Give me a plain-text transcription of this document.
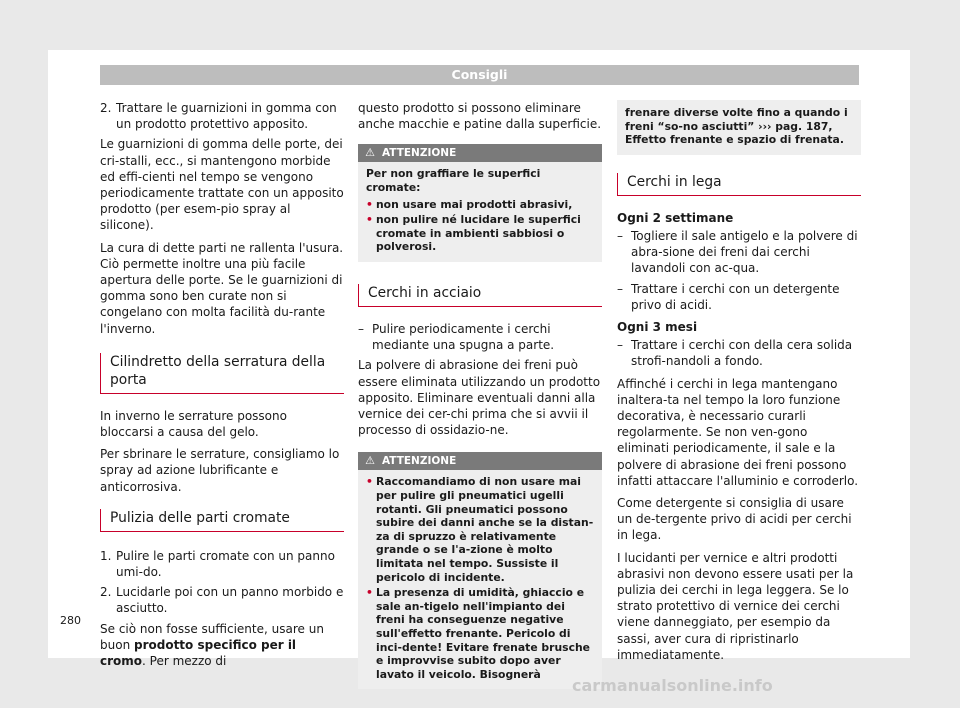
Consigli
2. Trattare le guarnizioni in gomma con un prodotto protettivo apposito.

Le guarnizioni di gomma delle porte, dei cri-stalli, ecc., si mantengono morbide ed effi-cienti nel tempo se vengono periodicamente trattate con un apposito prodotto (per esem-pio spray al silicone).

La cura di dette parti ne rallenta l'usura. Ciò permette inoltre una più facile apertura delle porte. Se le guarnizioni di gomma sono ben curate non si congelano con molta facilità du-rante l'inverno.

Cilindretto della serratura della porta

In inverno le serrature possono bloccarsi a causa del gelo.

Per sbrinare le serrature, consigliamo lo spray ad azione lubrificante e anticorrosiva.

Pulizia delle parti cromate
1. Pulire le parti cromate con un panno umi-do.
2. Lucidarle poi con un panno morbido e asciutto.

Se ciò non fosse sufficiente, usare un buon prodotto specifico per il cromo. Per mezzo di

questo prodotto si possono eliminare anche macchie e patine dalla superficie.

⚠ ATTENZIONE
Per non graffiare le superfici cromate:
• non usare mai prodotti abrasivi,
• non pulire né lucidare le superfici cromate in ambienti sabbiosi o polverosi.
Cerchi in acciaio
– Pulire periodicamente i cerchi mediante una spugna a parte.

La polvere di abrasione dei freni può essere eliminata utilizzando un prodotto apposito. Eliminare eventuali danni alla vernice dei cer-chi prima che si avvii il processo di ossidazio-ne.

⚠ ATTENZIONE
• Raccomandiamo di non usare mai per pulire gli pneumatici ugelli rotanti. Gli pneumatici possono subire dei danni anche se la distan-za di spruzzo è relativamente grande o se l'a-zione è molto limitata nel tempo. Sussiste il pericolo di incidente.
• La presenza di umidità, ghiaccio e sale an-tigelo nell'impianto dei freni ha conseguenze negative sull'effetto frenante. Pericolo di inci-dente! Evitare frenate brusche e improvvise subito dopo aver lavato il veicolo. Bisognerà
frenare diverse volte fino a quando i freni “so-no asciutti” ››› pag. 187, Effetto frenante e spazio di frenata.
Cerchi in lega
Ogni 2 settimane
– Togliere il sale antigelo e la polvere di abra-sione dei freni dai cerchi lavandoli con ac-qua.
– Trattare i cerchi con un detergente privo di acidi.
Ogni 3 mesi
– Trattare i cerchi con della cera solida strofi-nandoli a fondo.

Affinché i cerchi in lega mantengano inaltera-ta nel tempo la loro funzione decorativa, è necessario curarli regolarmente. Se non ven-gono eliminati periodicamente, il sale e la polvere di abrasione dei freni possono infatti attaccare l'alluminio e corroderlo.

Come detergente si consiglia di usare un de-tergente privo di acidi per cerchi in lega.

I lucidanti per vernice e altri prodotti abrasivi non devono essere usati per la pulizia dei cerchi in lega leggera. Se lo strato protettivo di vernice dei cerchi viene danneggiato, per esempio da sassi, aver cura di ripristinarlo immediatamente.

280
carmanualsonline.info
